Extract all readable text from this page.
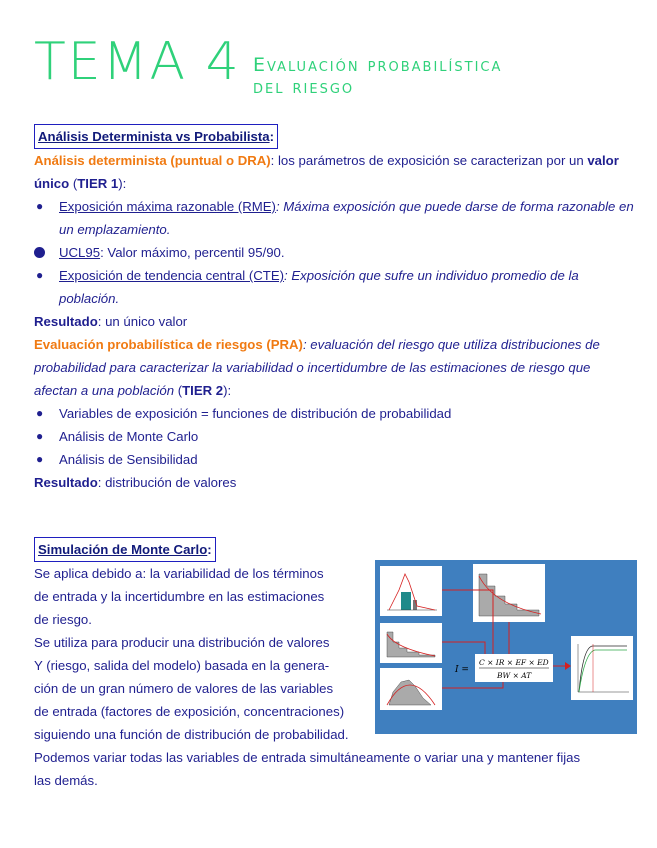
TEMA 4 Evaluación probabilística
del riesgo
Análisis Determinista vs Probabilista:
Análisis determinista (puntual o DRA): los parámetros de exposición se caracterizan por un valor único (TIER 1):
● Exposición máxima razonable (RME): Máxima exposición que puede darse de forma razonable en un emplazamiento.
UCL95: Valor máximo, percentil 95/90.
● Exposición de tendencia central (CTE): Exposición que sufre un individuo promedio de la población.
Resultado: un único valor
Evaluación probabilística de riesgos (PRA): evaluación del riesgo que utiliza distribuciones de probabilidad para caracterizar la variabilidad o incertidumbre de las estimaciones de riesgo que afectan a una población (TIER 2):
● Variables de exposición = funciones de distribución de probabilidad
● Análisis de Monte Carlo
● Análisis de Sensibilidad
Resultado: distribución de valores
Simulación de Monte Carlo:
Se aplica debido a: la variabilidad de los términos
de entrada y la incertidumbre en las estimaciones
de riesgo.
Se utiliza para producir una distribución de valores
Y (riesgo, salida del modelo) basada en la genera-
ción de un gran número de valores de las variables
de entrada (factores de exposición, concentraciones)
siguiendo una función de distribución de probabilidad.
Podemos variar todas las variables de entrada simultáneamente o variar una y mantener fijas
las demás.
I =
C × IR × EF × ED
BW × AT
